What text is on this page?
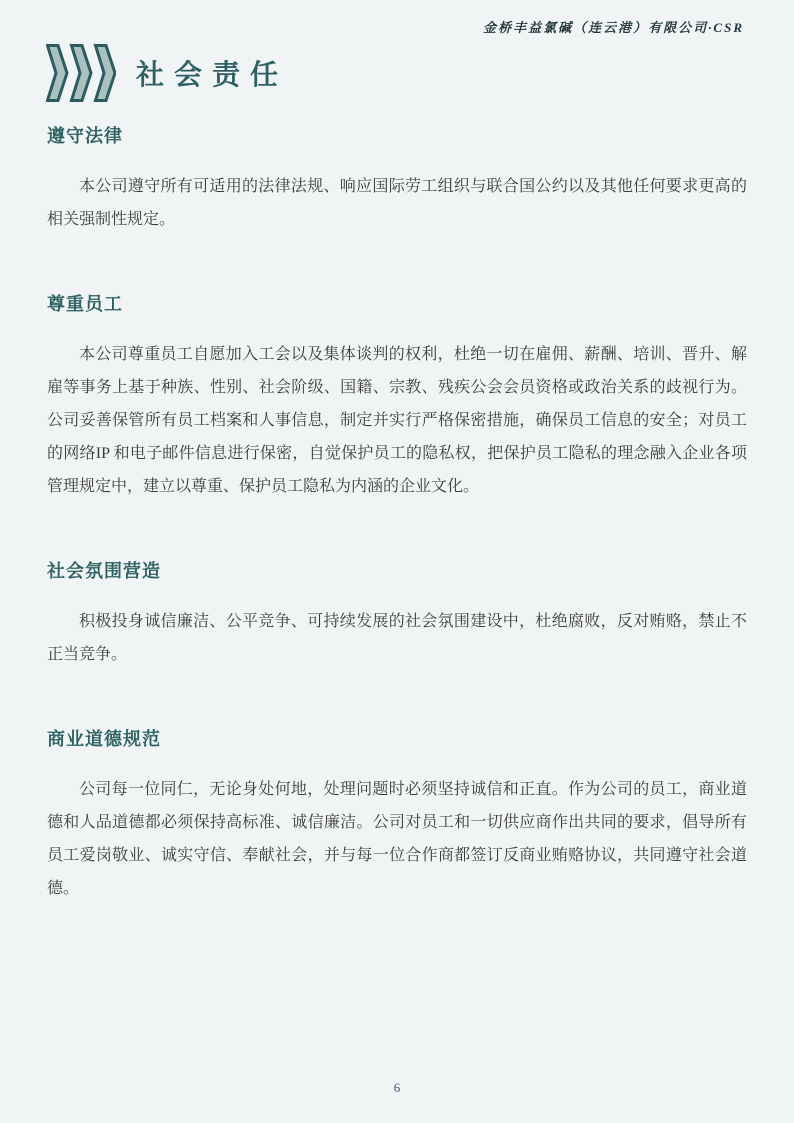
金桥丰益氯碱（连云港）有限公司·CSR
社会责任
遵守法律

本公司遵守所有可适用的法律法规、响应国际劳工组织与联合国公约以及其他任何要求更高的相关强制性规定。

尊重员工

本公司尊重员工自愿加入工会以及集体谈判的权利，杜绝一切在雇佣、薪酬、培训、晋升、解雇等事务上基于种族、性别、社会阶级、国籍、宗教、残疾公会会员资格或政治关系的歧视行为。公司妥善保管所有员工档案和人事信息，制定并实行严格保密措施，确保员工信息的安全；对员工的网络IP 和电子邮件信息进行保密，自觉保护员工的隐私权，把保护员工隐私的理念融入企业各项管理规定中，建立以尊重、保护员工隐私为内涵的企业文化。

社会氛围营造

积极投身诚信廉洁、公平竞争、可持续发展的社会氛围建设中，杜绝腐败，反对贿赂，禁止不正当竞争。

商业道德规范

公司每一位同仁，无论身处何地，处理问题时必须坚持诚信和正直。作为公司的员工，商业道德和人品道德都必须保持高标准、诚信廉洁。公司对员工和一切供应商作出共同的要求，倡导所有员工爱岗敬业、诚实守信、奉献社会，并与每一位合作商都签订反商业贿赂协议，共同遵守社会道德。

6
